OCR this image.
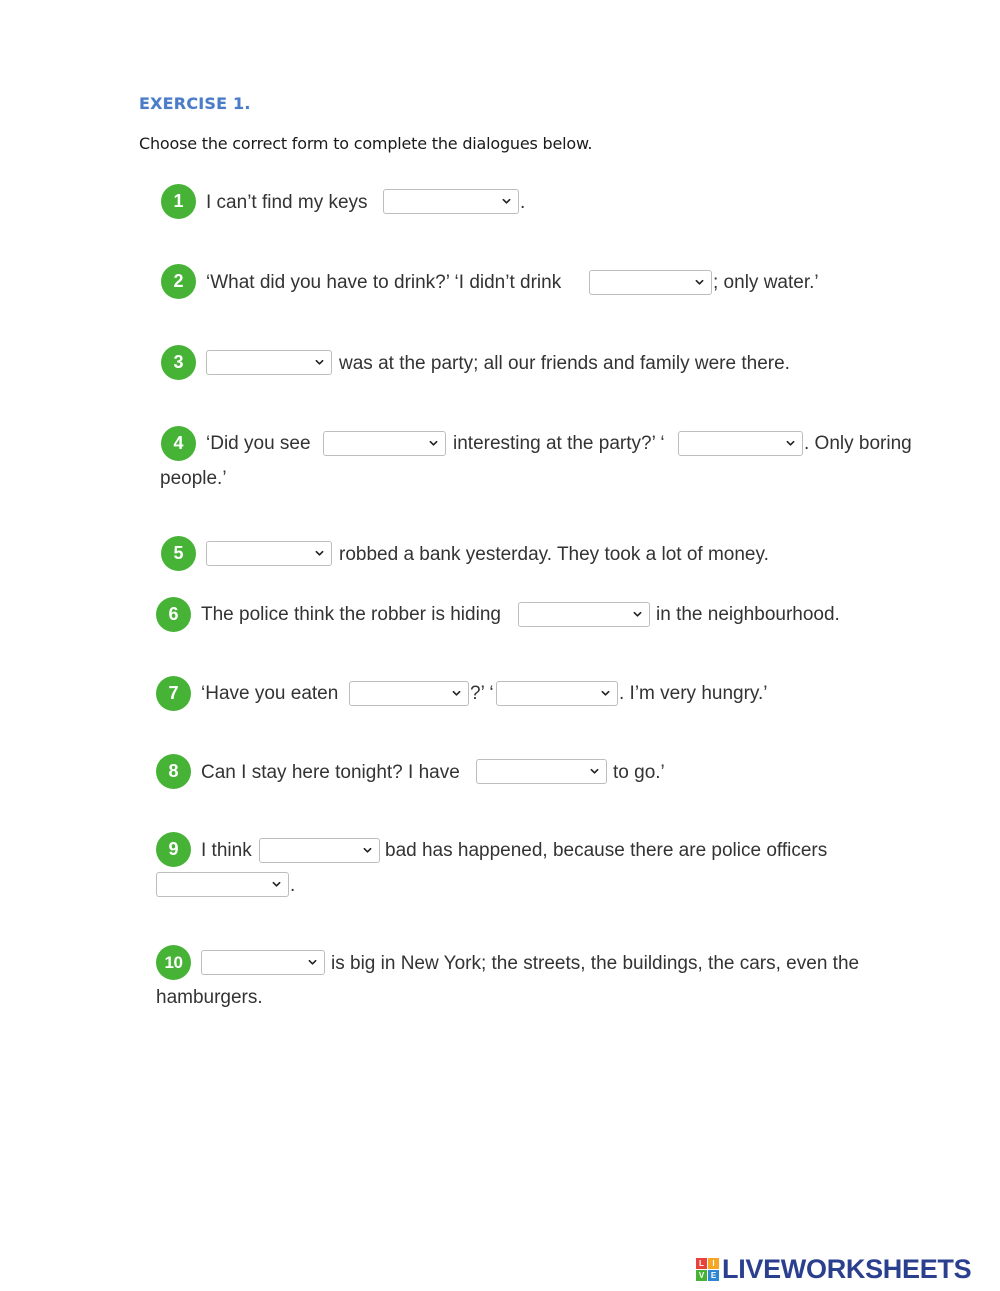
EXERCISE 1.
Choose the correct form to complete the dialogues below.
1	I can’t find my keys	.
2	‘What did you have to drink?’ ‘I didn’t drink	; only water.’
3	was at the party; all our friends and family were there.
4	‘Did you see	interesting at the party?’ ‘	. Only boring
people.’
5	robbed a bank yesterday. They took a lot of money.
6	The police think the robber is hiding	in the neighbourhood.
7	‘Have you eaten	?’ ‘	. I’m very hungry.’
8	Can I stay here tonight? I have	to go.’
9	I think	bad has happened, because there are police officers
.
10	is big in New York; the streets, the buildings, the cars, even the
hamburgers.
L	I
V E LIVEWORKSHEETS
